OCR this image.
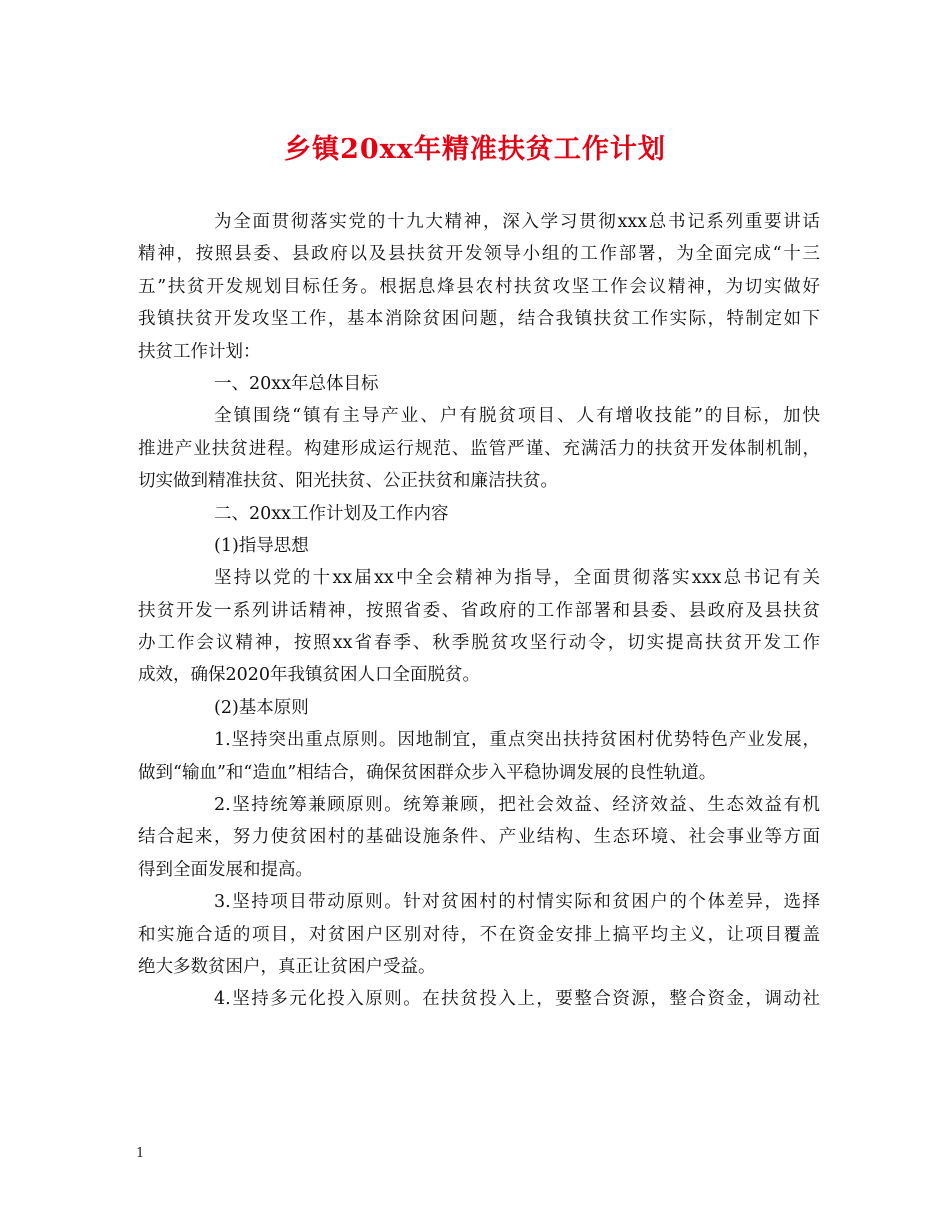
乡镇20xx年精准扶贫工作计划
为全面贯彻落实党的十九大精神，深入学习贯彻xxx总书记系列重要讲话
精神，按照县委、县政府以及县扶贫开发领导小组的工作部署，为全面完成“十三
五”扶贫开发规划目标任务。根据息烽县农村扶贫攻坚工作会议精神，为切实做好
我镇扶贫开发攻坚工作，基本消除贫困问题，结合我镇扶贫工作实际，特制定如下
扶贫工作计划：
一、20xx年总体目标
全镇围绕“镇有主导产业、户有脱贫项目、人有增收技能”的目标，加快
推进产业扶贫进程。构建形成运行规范、监管严谨、充满活力的扶贫开发体制机制，
切实做到精准扶贫、阳光扶贫、公正扶贫和廉洁扶贫。
二、20xx工作计划及工作内容
(1)指导思想
坚持以党的十xx届xx中全会精神为指导，全面贯彻落实xxx总书记有关
扶贫开发一系列讲话精神，按照省委、省政府的工作部署和县委、县政府及县扶贫
办工作会议精神，按照xx省春季、秋季脱贫攻坚行动令，切实提高扶贫开发工作
成效，确保2020年我镇贫困人口全面脱贫。
(2)基本原则
1.坚持突出重点原则。因地制宜，重点突出扶持贫困村优势特色产业发展，
做到“输血”和“造血”相结合，确保贫困群众步入平稳协调发展的良性轨道。
2.坚持统筹兼顾原则。统筹兼顾，把社会效益、经济效益、生态效益有机
结合起来，努力使贫困村的基础设施条件、产业结构、生态环境、社会事业等方面
得到全面发展和提高。
3.坚持项目带动原则。针对贫困村的村情实际和贫困户的个体差异，选择
和实施合适的项目，对贫困户区别对待，不在资金安排上搞平均主义，让项目覆盖
绝大多数贫困户，真正让贫困户受益。
4.坚持多元化投入原则。在扶贫投入上，要整合资源，整合资金，调动社
1
